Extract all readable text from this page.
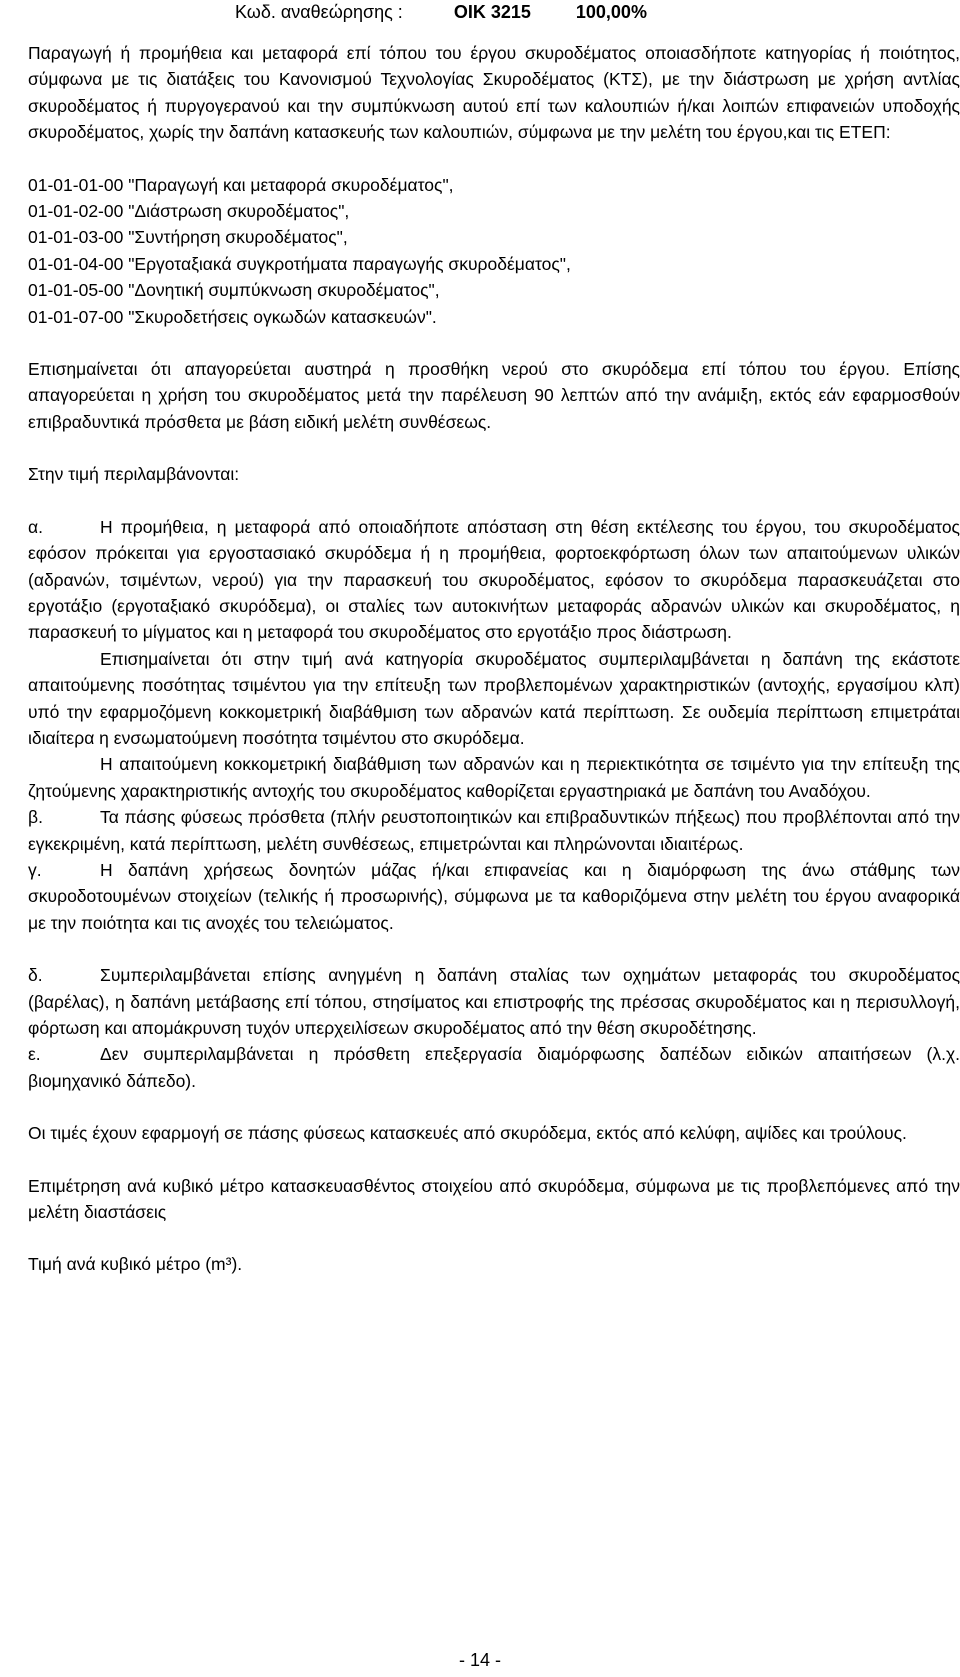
Κωδ. αναθεώρησης :	ΟΙΚ 3215	100,00%

Παραγωγή ή προμήθεια και μεταφορά επί τόπου του έργου σκυροδέματος οποιασδήποτε κατηγορίας ή ποιότητος, σύμφωνα με τις διατάξεις του Κανονισμού Τεχνολογίας Σκυροδέματος (ΚΤΣ), με την διάστρωση με χρήση αντλίας σκυροδέματος ή πυργογερανού και την συμπύκνωση αυτού επί των καλουπιών ή/και λοιπών επιφανειών υποδοχής σκυροδέματος, χωρίς την δαπάνη κατασκευής των καλουπιών, σύμφωνα με την μελέτη του έργου,και τις ΕΤΕΠ:

01-01-01-00 "Παραγωγή και μεταφορά σκυροδέματος",
01-01-02-00 "Διάστρωση σκυροδέματος",
01-01-03-00 "Συντήρηση σκυροδέματος",
01-01-04-00 "Εργοταξιακά συγκροτήματα παραγωγής σκυροδέματος",
01-01-05-00 "Δονητική συμπύκνωση σκυροδέματος",
01-01-07-00 "Σκυροδετήσεις ογκωδών κατασκευών".

Επισημαίνεται ότι απαγορεύεται αυστηρά η προσθήκη νερού στο σκυρόδεμα επί τόπου του έργου. Επίσης απαγορεύεται η χρήση του σκυροδέματος μετά την παρέλευση 90 λεπτών από την ανάμιξη, εκτός εάν εφαρμοσθούν επιβραδυντικά πρόσθετα με βάση ειδική μελέτη συνθέσεως.

Στην τιμή περιλαμβάνονται:

α.	Η προμήθεια, η μεταφορά από οποιαδήποτε απόσταση στη θέση εκτέλεσης του έργου, του σκυροδέματος εφόσον πρόκειται για εργοστασιακό σκυρόδεμα ή η προμήθεια, φορτοεκφόρτωση όλων των απαιτούμενων υλικών (αδρανών, τσιμέντων, νερού) για την παρασκευή του σκυροδέματος, εφόσον το σκυρόδεμα παρασκευάζεται στο εργοτάξιο (εργοταξιακό σκυρόδεμα), οι σταλίες των αυτοκινήτων μεταφοράς αδρανών υλικών και σκυροδέματος, η παρασκευή το μίγματος και η μεταφορά του σκυροδέματος στο εργοτάξιο προς διάστρωση.

Επισημαίνεται ότι στην τιμή ανά κατηγορία σκυροδέματος συμπεριλαμβάνεται η δαπάνη της εκάστοτε απαιτούμενης ποσότητας τσιμέντου για την επίτευξη των προβλεπομένων χαρακτηριστικών (αντοχής, εργασίμου κλπ) υπό την εφαρμοζόμενη κοκκομετρική διαβάθμιση των αδρανών κατά περίπτωση. Σε ουδεμία περίπτωση επιμετράται ιδιαίτερα η ενσωματούμενη ποσότητα τσιμέντου στο σκυρόδεμα.

Η απαιτούμενη κοκκομετρική διαβάθμιση των αδρανών και η περιεκτικότητα σε τσιμέντο για την επίτευξη της ζητούμενης χαρακτηριστικής αντοχής του σκυροδέματος καθορίζεται εργαστηριακά με δαπάνη του Αναδόχου.

β.	Τα πάσης φύσεως πρόσθετα (πλήν ρευστοποιητικών και επιβραδυντικών πήξεως) που προβλέπονται από την εγκεκριμένη, κατά περίπτωση, μελέτη συνθέσεως, επιμετρώνται και πληρώνονται ιδιαιτέρως.

γ.	Η δαπάνη χρήσεως δονητών μάζας ή/και επιφανείας και η διαμόρφωση της άνω στάθμης των σκυροδοτουμένων στοιχείων (τελικής ή προσωρινής), σύμφωνα με τα καθοριζόμενα στην μελέτη του έργου αναφορικά με την ποιότητα και τις ανοχές του τελειώματος.

δ.	Συμπεριλαμβάνεται επίσης ανηγμένη η δαπάνη σταλίας των οχημάτων μεταφοράς του σκυροδέματος (βαρέλας), η δαπάνη μετάβασης επί τόπου, στησίματος και επιστροφής της πρέσσας σκυροδέματος και η περισυλλογή, φόρτωση και απομάκρυνση τυχόν υπερχειλίσεων σκυροδέματος από την θέση σκυροδέτησης.

ε.	Δεν συμπεριλαμβάνεται η πρόσθετη επεξεργασία διαμόρφωσης δαπέδων ειδικών απαιτήσεων (λ.χ. βιομηχανικό δάπεδο).

Οι τιμές έχουν εφαρμογή σε πάσης φύσεως κατασκευές από σκυρόδεμα, εκτός από κελύφη, αψίδες και τρούλους.

Επιμέτρηση ανά κυβικό μέτρο κατασκευασθέντος στοιχείου από σκυρόδεμα, σύμφωνα με τις προβλεπόμενες από την μελέτη διαστάσεις

Τιμή ανά κυβικό μέτρο (m³).

- 14 -
